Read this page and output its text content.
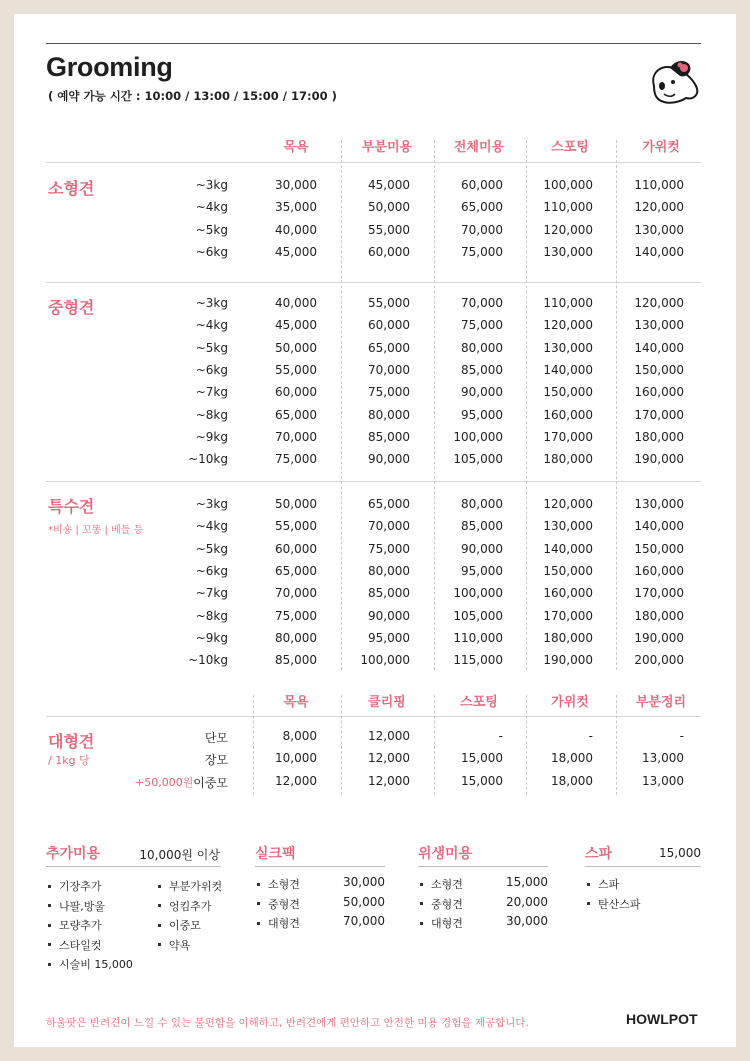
Grooming
( 예약 가능 시간 : 10:00 / 13:00 / 15:00 / 17:00 )
목욕	부분미용	전체미용	스포팅	가위컷
소형견	~3kg	30,000	45,000	60,000	100,000	110,000
~4kg	35,000	50,000	65,000	110,000	120,000
~5kg	40,000	55,000	70,000	120,000	130,000
~6kg	45,000	60,000	75,000	130,000	140,000
중형견	~3kg	40,000	55,000	70,000	110,000	120,000
~4kg	45,000	60,000	75,000	120,000	130,000
~5kg	50,000	65,000	80,000	130,000	140,000
~6kg	55,000	70,000	85,000	140,000	150,000
~7kg	60,000	75,000	90,000	150,000	160,000
~8kg	65,000	80,000	95,000	160,000	170,000
~9kg	70,000	85,000	100,000	170,000	180,000
~10kg	75,000	90,000	105,000	180,000	190,000
특수견
*비숑 | 꼬똥 | 베들 등
~3kg	50,000	65,000	80,000	120,000	130,000
~4kg	55,000	70,000	85,000	130,000	140,000
~5kg	60,000	75,000	90,000	140,000	150,000
~6kg	65,000	80,000	95,000	150,000	160,000
~7kg	70,000	85,000	100,000	160,000	170,000
~8kg	75,000	90,000	105,000	170,000	180,000
~9kg	80,000	95,000	110,000	180,000	190,000
~10kg	85,000	100,000	115,000	190,000	200,000
목욕	클리핑	스포팅	가위컷	부분정리
대형견
/ 1kg 당
단모	8,000	12,000	-	-	-
장모	10,000	12,000	15,000	18,000	13,000
+50,000원 이중모	12,000	12,000	15,000	18,000	13,000
추가미용	10,000원 이상
기장추가
나팔,방울
모량추가
스타일컷
시술비 15,000
부분가위컷
엉킴추가
이중모
약욕
실크팩
소형견	30,000
중형견	50,000
대형견	70,000
위생미용
소형견	15,000
중형견	20,000
대형견	30,000
스파	15,000
스파
탄산스파
하울팟은 반려견이 느낄 수 있는 불편함을 이해하고, 반려견에게 편안하고 안전한 미용 경험을 제공합니다.	HOWLPOT
